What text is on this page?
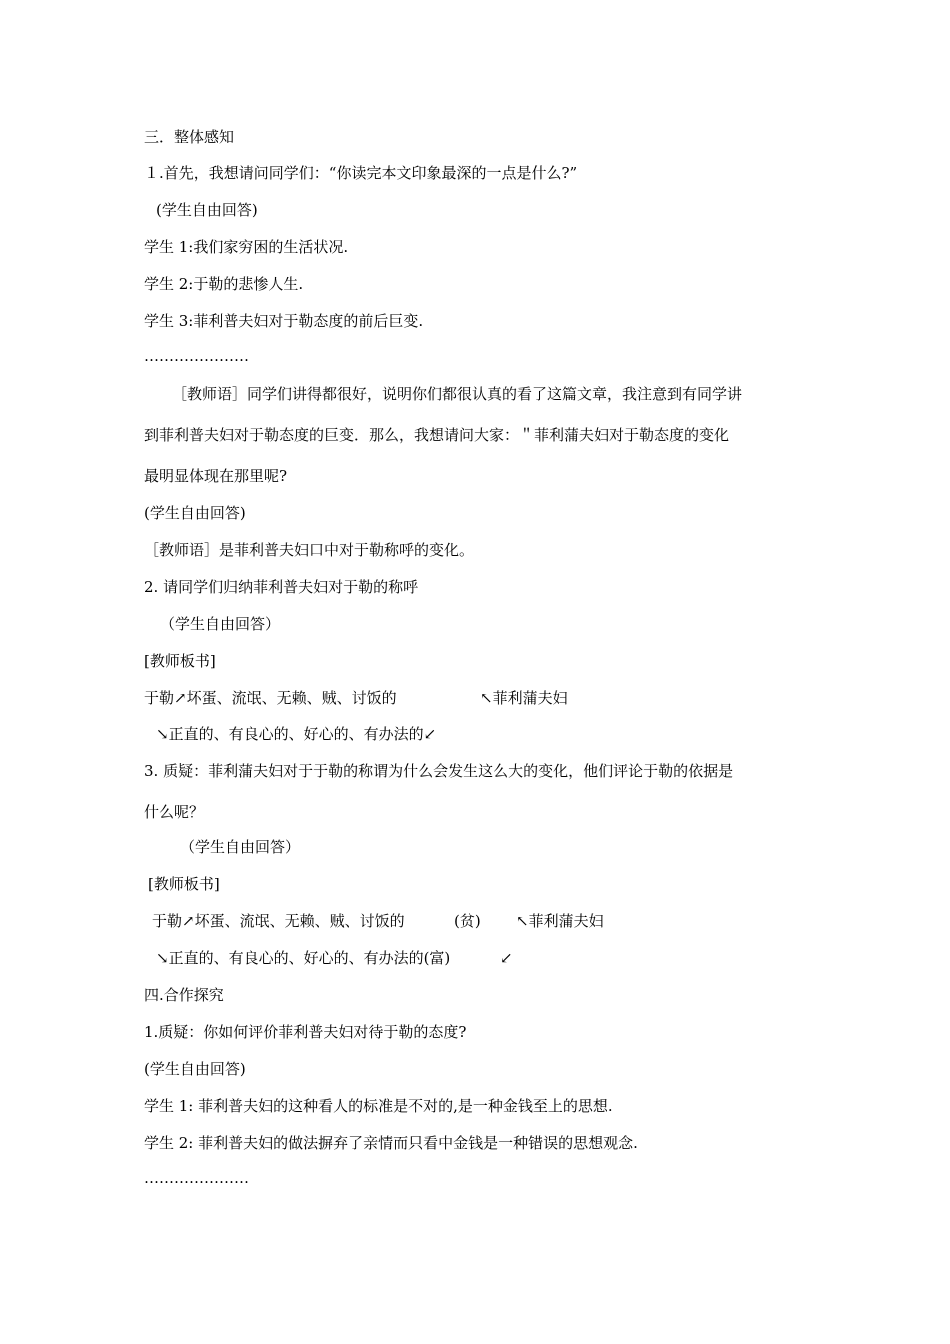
三．整体感知
１.首先，我想请问同学们：“你读完本文印象最深的一点是什么?”
(学生自由回答)
学生 1:我们家穷困的生活状况.
学生 2:于勒的悲惨人生.
学生 3:菲利普夫妇对于勒态度的前后巨变.
…………………
［教师语］同学们讲得都很好，说明你们都很认真的看了这篇文章，我注意到有同学讲
到菲利普夫妇对于勒态度的巨变．那么，我想请问大家：＂菲利蒲夫妇对于勒态度的变化
最明显体现在那里呢?
(学生自由回答)
［教师语］是菲利普夫妇口中对于勒称呼的变化。
2. 请同学们归纳菲利普夫妇对于勒的称呼
（学生自由回答）
[教师板书]
于勒↗坏蛋、流氓、无赖、贼、讨饭的	↖菲利蒲夫妇
↘正直的、有良心的、好心的、有办法的↙
3. 质疑：菲利蒲夫妇对于于勒的称谓为什么会发生这么大的变化，他们评论于勒的依据是
什么呢？
（学生自由回答）
[教师板书]
于勒↗坏蛋、流氓、无赖、贼、讨饭的	(贫) ↖菲利蒲夫妇
↘正直的、有良心的、好心的、有办法的(富)	↙
四.合作探究
1.质疑：你如何评价菲利普夫妇对待于勒的态度?
(学生自由回答)
学生 1: 菲利普夫妇的这种看人的标准是不对的,是一种金钱至上的思想.
学生 2: 菲利普夫妇的做法摒弃了亲情而只看中金钱是一种错误的思想观念.
…………………
